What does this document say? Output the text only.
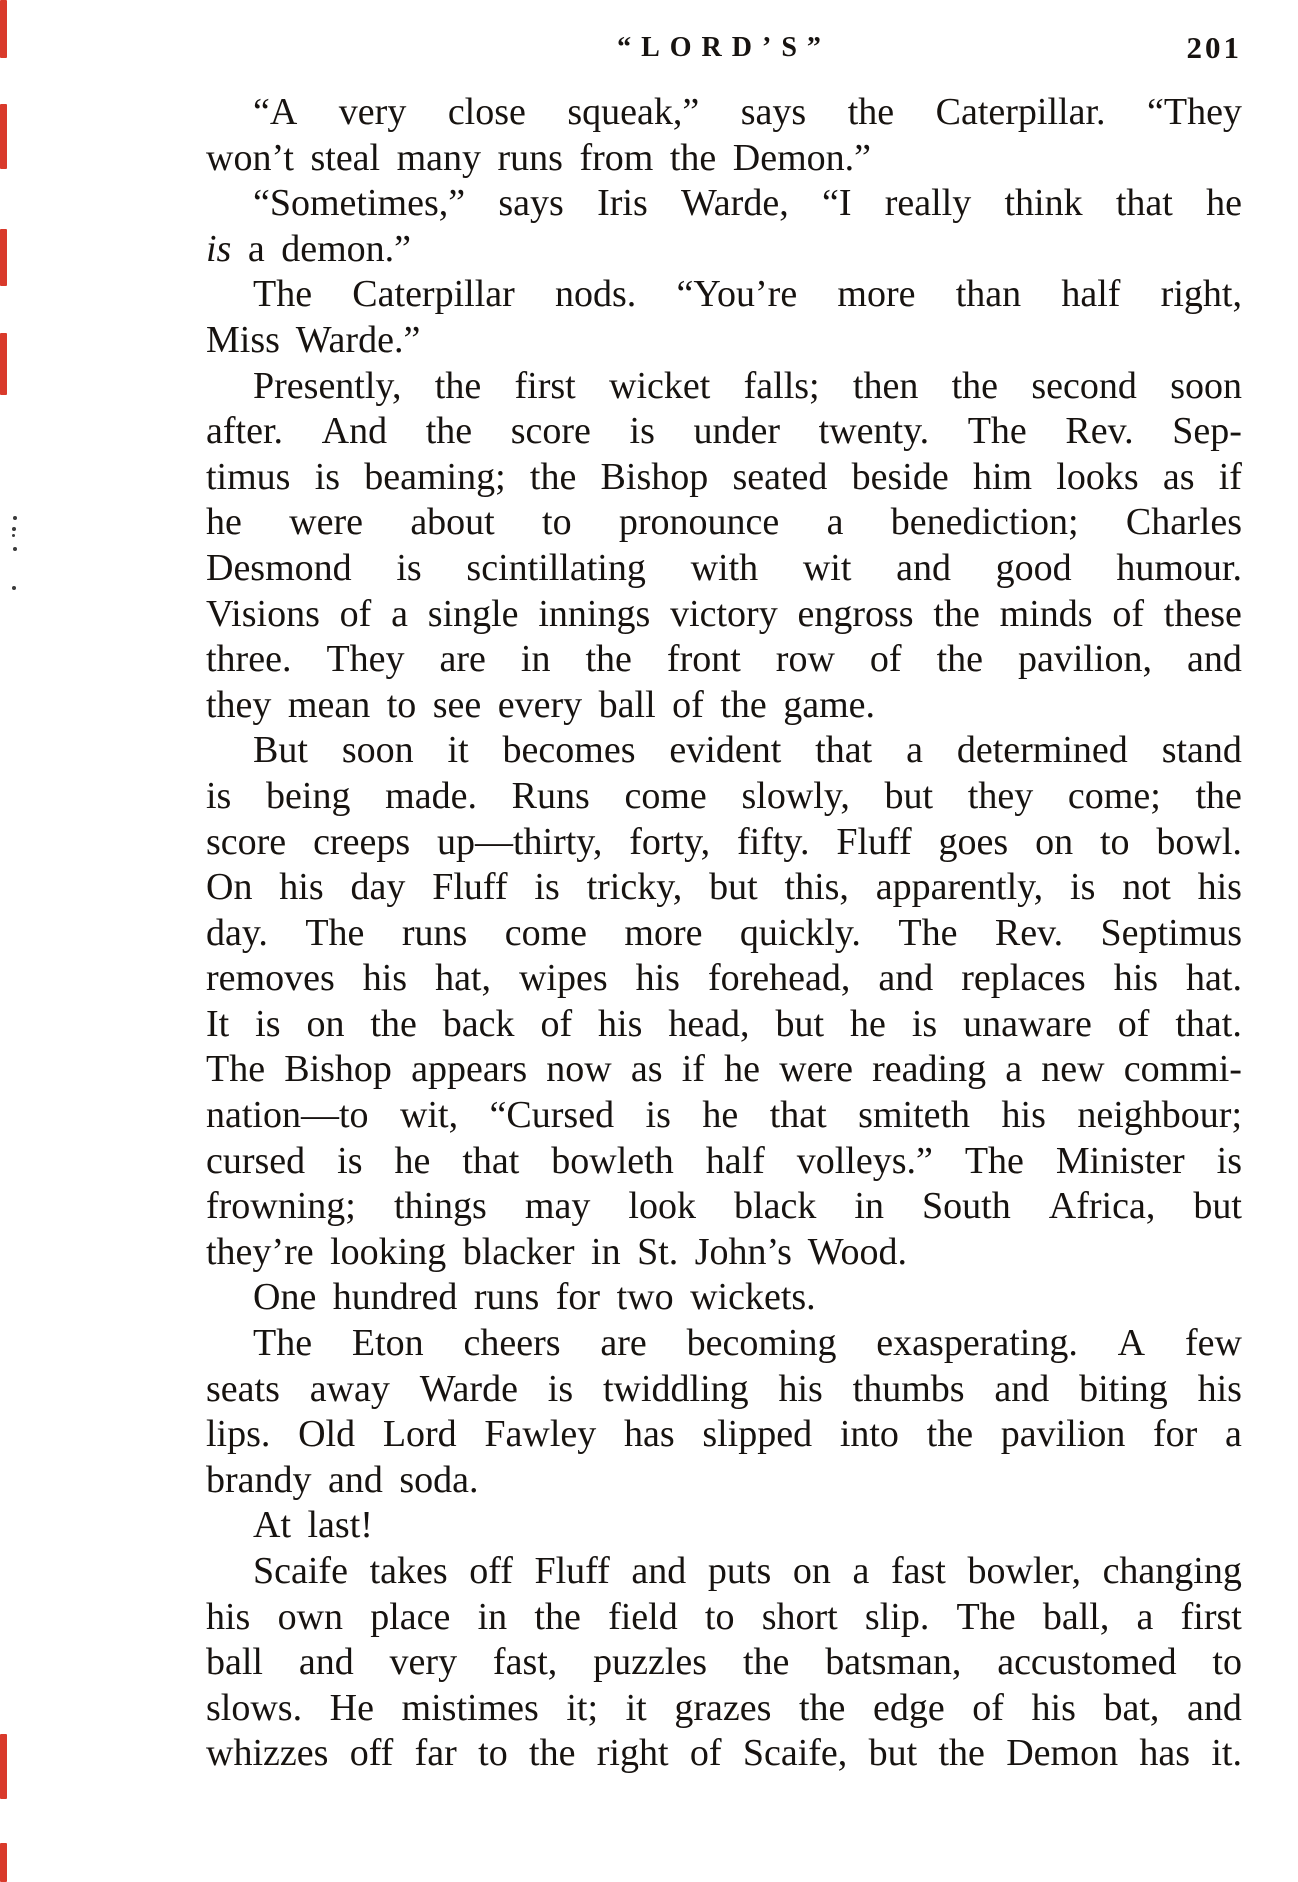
“LORD’S”	201
“A very close squeak,” says the Caterpillar. “They
won’t steal many runs from the Demon.”
“Sometimes,” says Iris Warde, “I really think that he
is a demon.”
The Caterpillar nods. “You’re more than half right,
Miss Warde.”
Presently, the first wicket falls; then the second soon
after. And the score is under twenty. The Rev. Sep-
timus is beaming; the Bishop seated beside him looks as if
he were about to pronounce a benediction; Charles
Desmond is scintillating with wit and good humour.
Visions of a single innings victory engross the minds of these
three. They are in the front row of the pavilion, and
they mean to see every ball of the game.
But soon it becomes evident that a determined stand
is being made. Runs come slowly, but they come; the
score creeps up—thirty, forty, fifty. Fluff goes on to bowl.
On his day Fluff is tricky, but this, apparently, is not his
day. The runs come more quickly. The Rev. Septimus
removes his hat, wipes his forehead, and replaces his hat.
It is on the back of his head, but he is unaware of that.
The Bishop appears now as if he were reading a new commi-
nation—to wit, “Cursed is he that smiteth his neighbour;
cursed is he that bowleth half volleys.” The Minister is
frowning; things may look black in South Africa, but
they’re looking blacker in St. John’s Wood.
One hundred runs for two wickets.
The Eton cheers are becoming exasperating. A few
seats away Warde is twiddling his thumbs and biting his
lips. Old Lord Fawley has slipped into the pavilion for a
brandy and soda.
At last!
Scaife takes off Fluff and puts on a fast bowler, changing
his own place in the field to short slip. The ball, a first
ball and very fast, puzzles the batsman, accustomed to
slows. He mistimes it; it grazes the edge of his bat, and
whizzes off far to the right of Scaife, but the Demon has it.
